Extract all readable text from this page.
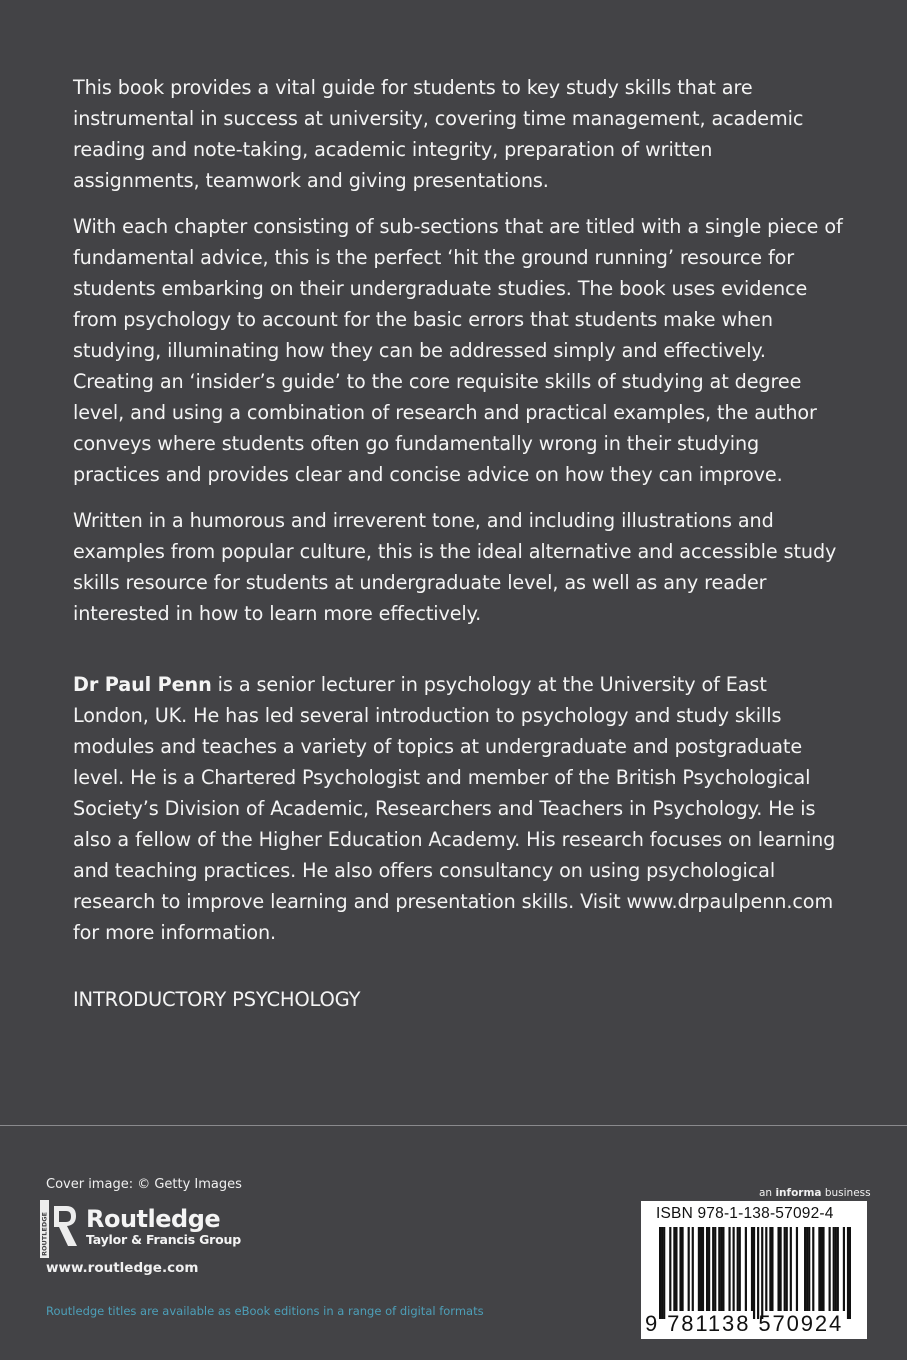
This book provides a vital guide for students to key study skills that are instrumental in success at university, covering time management, academic reading and note-taking, academic integrity, preparation of written assignments, teamwork and giving presentations.

With each chapter consisting of sub-sections that are titled with a single piece of fundamental advice, this is the perfect ‘hit the ground running’ resource for students embarking on their undergraduate studies. The book uses evidence from psychology to account for the basic errors that students make when studying, illuminating how they can be addressed simply and effectively. Creating an ‘insider’s guide’ to the core requisite skills of studying at degree level, and using a combination of research and practical examples, the author conveys where students often go fundamentally wrong in their studying practices and provides clear and concise advice on how they can improve.

Written in a humorous and irreverent tone, and including illustrations and examples from popular culture, this is the ideal alternative and accessible study skills resource for students at undergraduate level, as well as any reader interested in how to learn more effectively.

Dr Paul Penn is a senior lecturer in psychology at the University of East London, UK. He has led several introduction to psychology and study skills modules and teaches a variety of topics at undergraduate and postgraduate level. He is a Chartered Psychologist and member of the British Psychological Society’s Division of Academic, Researchers and Teachers in Psychology. He is also a fellow of the Higher Education Academy. His research focuses on learning and teaching practices. He also offers consultancy on using psychological research to improve learning and presentation skills. Visit www.drpaulpenn.com for more information.

INTRODUCTORY PSYCHOLOGY
Cover image: © Getty Images
ROUTLEDGE Routledge
Taylor & Francis Group
www.routledge.com
Routledge titles are available as eBook editions in a range of digital formats
an informa business
ISBN 978-1-138-57092-4
9 781138 570924
